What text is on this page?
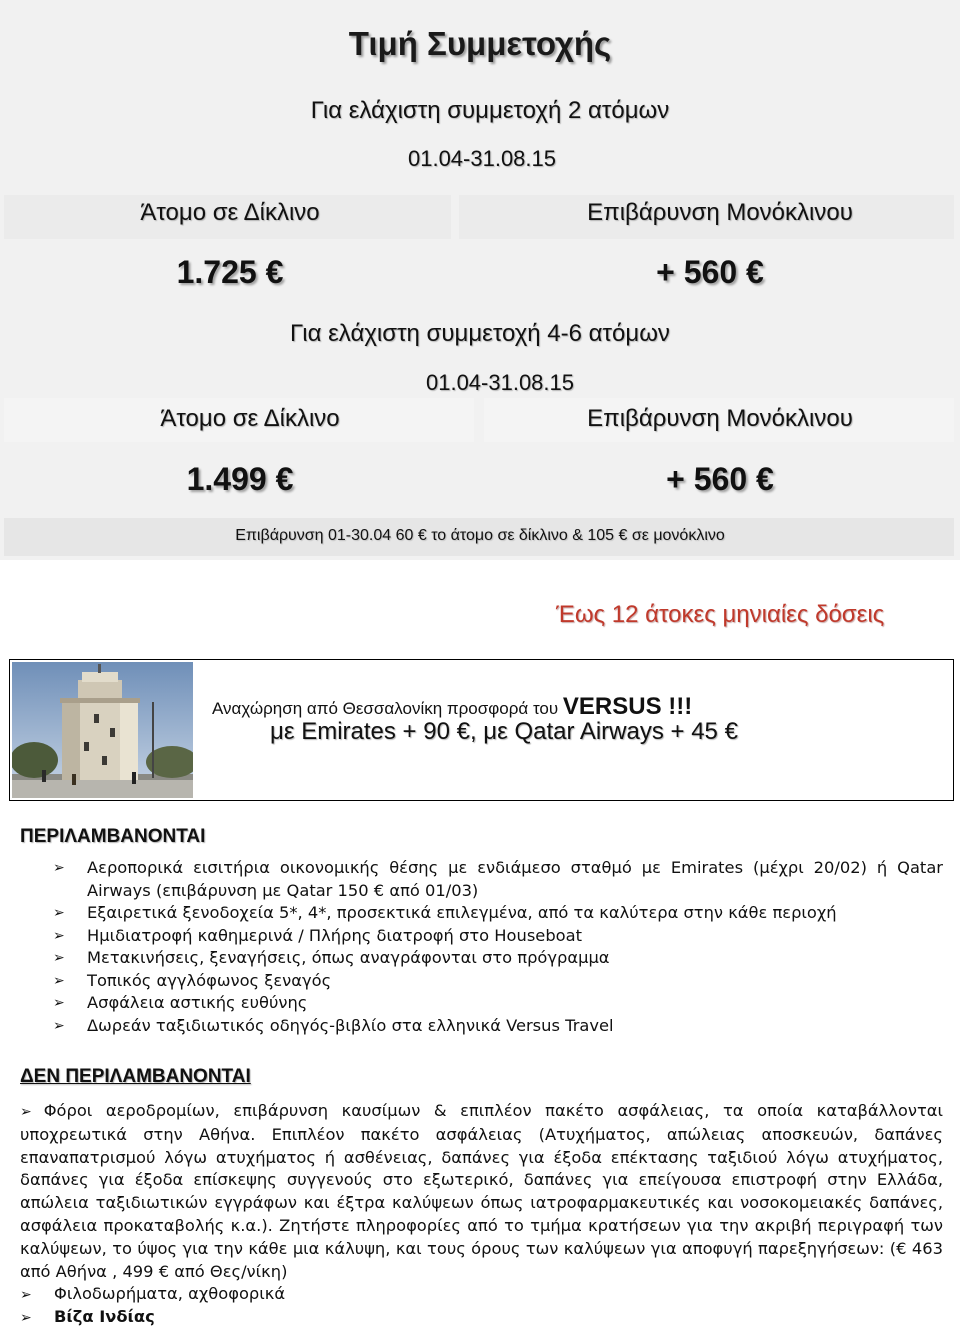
Τιμή Συμμετοχής
Για ελάχιστη συμμετοχή 2 ατόμων
01.04-31.08.15
Άτομο σε Δίκλινο	Επιβάρυνση Μονόκλινου
1.725 €	+ 560 €
Για ελάχιστη συμμετοχή 4-6 ατόμων
01.04-31.08.15
Άτομο σε Δίκλινο	Επιβάρυνση Μονόκλινου
1.499 €	+ 560 €
Επιβάρυνση 01-30.04 60 € το άτομο σε δίκλινο & 105 € σε μονόκλινο
Έως 12 άτοκες μηνιαίες δόσεις
Αναχώρηση από Θεσσαλονίκη προσφορά του VERSUS !!!
με Emirates + 90 €, με Qatar Airways + 45 €
ΠΕΡΙΛΑΜΒΑΝΟΝΤΑΙ
➢ Αεροπορικά εισιτήρια οικονομικής θέσης με ενδιάμεσο σταθμό με Emirates (μέχρι 20/02) ή Qatar Airways (επιβάρυνση με Qatar 150 € από 01/03)
➢ Εξαιρετικά ξενοδοχεία 5*, 4*, προσεκτικά επιλεγμένα, από τα καλύτερα στην κάθε περιοχή
➢ Ημιδιατροφή καθημερινά / Πλήρης διατροφή στο Houseboat
➢ Μετακινήσεις, ξεναγήσεις, όπως αναγράφονται στο πρόγραμμα
➢ Τοπικός αγγλόφωνος ξεναγός
➢ Ασφάλεια αστικής ευθύνης
➢ Δωρεάν ταξιδιωτικός οδηγός-βιβλίο στα ελληνικά Versus Travel
ΔΕΝ ΠΕΡΙΛΑΜΒΑΝΟΝΤΑΙ
➢ Φόροι αεροδρομίων, επιβάρυνση καυσίμων & επιπλέον πακέτο ασφάλειας, τα οποία καταβάλλονται υποχρεωτικά στην Αθήνα. Επιπλέον πακέτο ασφάλειας (Ατυχήματος, απώλειας αποσκευών, δαπάνες επαναπατρισμού λόγω ατυχήματος ή ασθένειας, δαπάνες για έξοδα επέκτασης ταξιδιού λόγω ατυχήματος, δαπάνες για έξοδα επίσκεψης συγγενούς στο εξωτερικό, δαπάνες για επείγουσα επιστροφή στην Ελλάδα, απώλεια ταξιδιωτικών εγγράφων και έξτρα καλύψεων όπως ιατροφαρμακευτικές και νοσοκομειακές δαπάνες, ασφάλεια προκαταβολής κ.α.). Ζητήστε πληροφορίες από το τμήμα κρατήσεων για την ακριβή περιγραφή των καλύψεων, το ύψος για την κάθε μια κάλυψη, και τους όρους των καλύψεων για αποφυγή παρεξηγήσεων: (€ 463 από Αθήνα , 499 € από Θες/νίκη)
➢ Φιλοδωρήματα, αχθοφορικά
➢ Βίζα Ινδίας
